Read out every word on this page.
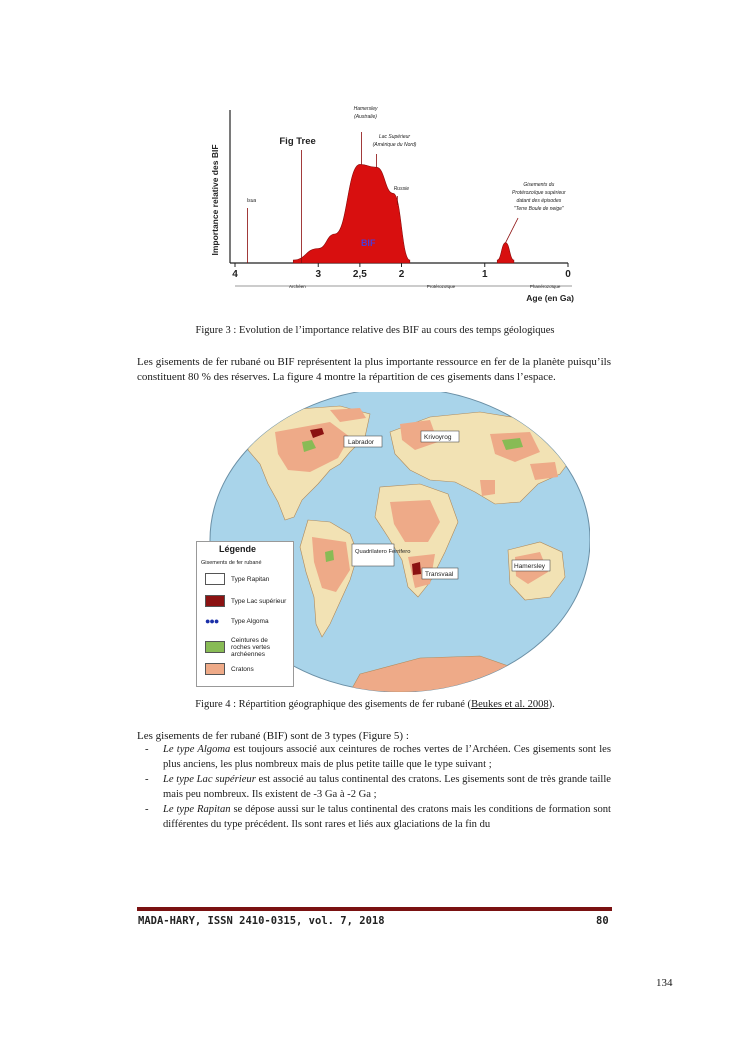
Importance relative des BIF
4	3	2,5	2	1	0
Archéen	Protérozoïque	Phanérozoïque
Age (en Ga)
Isua
Fig Tree
Hamersley
(Australie)
Lac Supérieur
(Amérique du Nord)
Russie
Gisements du
Protérozoïque supérieur
datant des épisodes
"Terre Boule de neige"
BIF
Figure 3 : Evolution de l’importance relative des BIF au cours des temps géologiques
Les gisements de fer rubané ou BIF représentent la plus importante ressource en fer de la planète puisqu’ils constituent 80 % des réserves. La figure 4 montre la répartition de ces gisements dans l’espace.
Labrador
Krivoyrog
Quadrilatero Ferrifero
Transvaal
Hamersley
Légende
Gisements de fer rubané
Type Rapitan
Type Lac supérieur
●●●	Type Algoma
Ceintures de roches vertes archéennes
Cratons
Figure 4 : Répartition géographique des gisements de fer rubané (Beukes et al. 2008).
Les gisements de fer rubané (BIF) sont de 3 types (Figure 5) :
- Le type Algoma est toujours associé aux ceintures de roches vertes de l’Archéen. Ces gisements sont les plus anciens, les plus nombreux mais de plus petite taille que le type suivant ;
- Le type Lac supérieur est associé au talus continental des cratons. Les gisements sont de très grande taille mais peu nombreux. Ils existent de -3 Ga à -2 Ga ;
- Le type Rapitan se dépose aussi sur le talus continental des cratons mais les conditions de formation sont différentes du type précédent. Ils sont rares et liés aux glaciations de la fin du
MADA-HARY, ISSN 2410-0315, vol. 7, 2018	80
134
